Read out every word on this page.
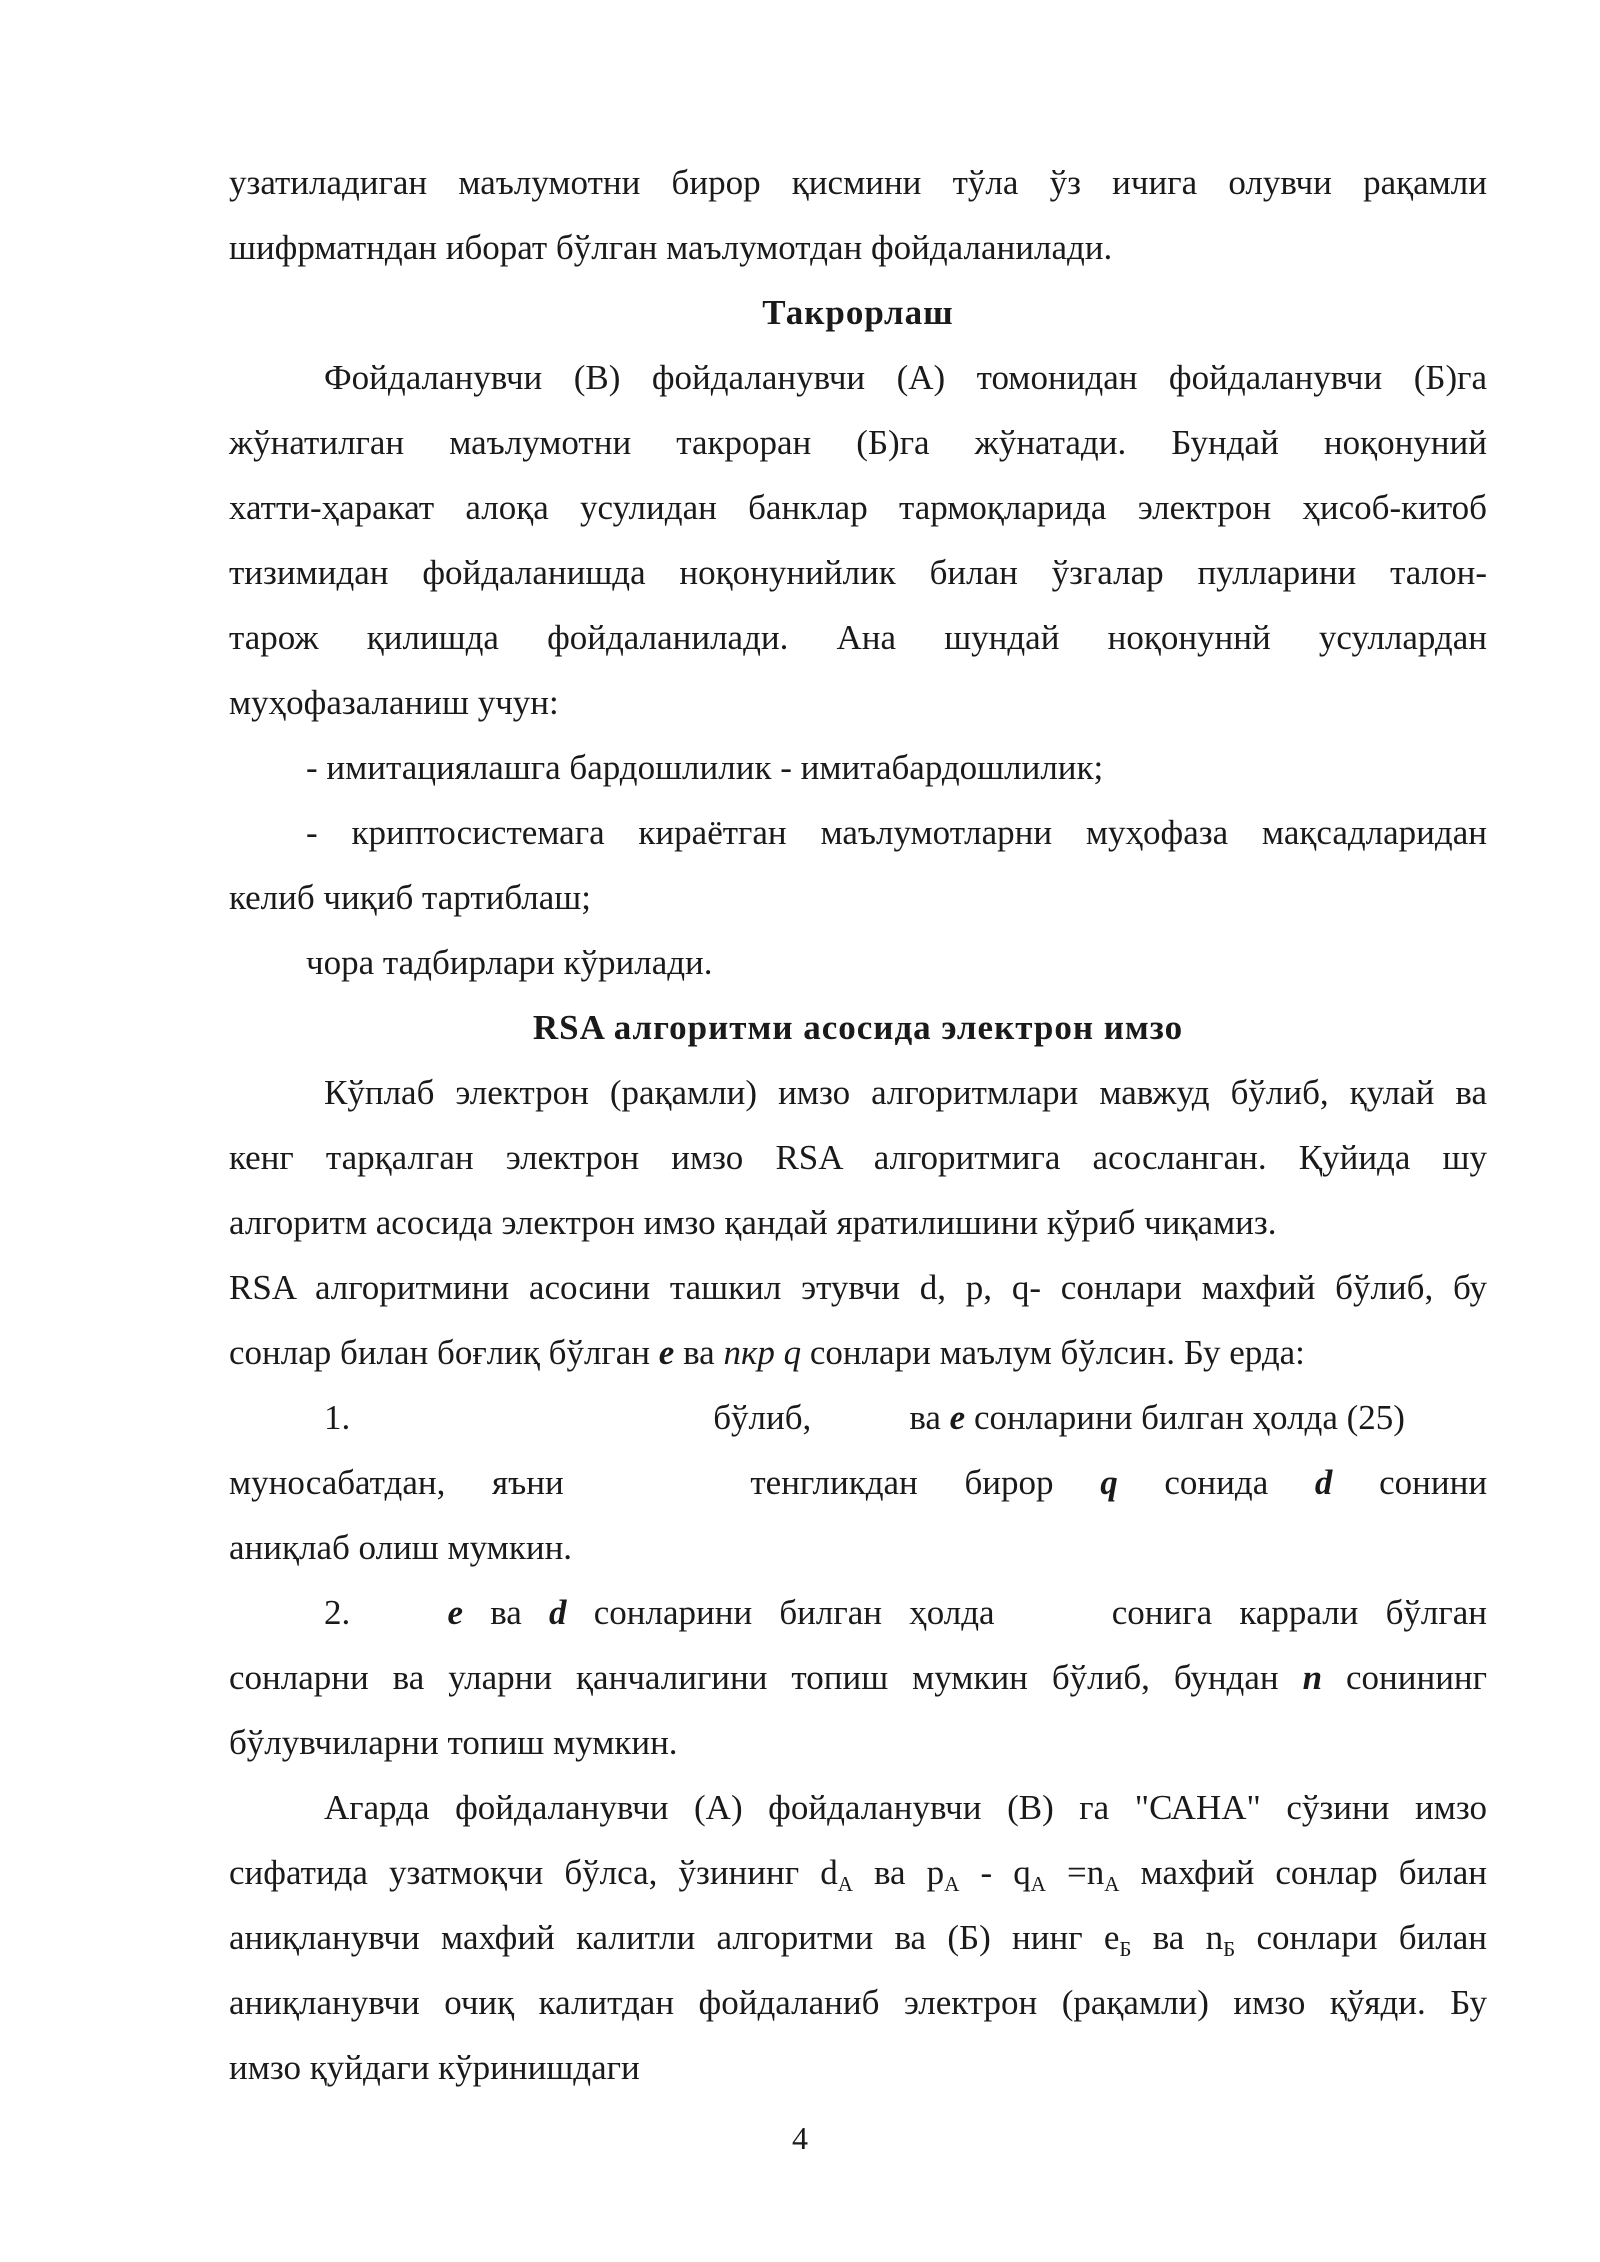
узатиладиган маълумотни бирор қисмини тўла ўз ичига олувчи рақамли
шифрматндан иборат бўлган маълумотдан фойдаланилади.
Такрорлаш
Фойдаланувчи (В) фойдаланувчи (А) томонидан фойдаланувчи (Б)га
жўнатилган маълумотни такроран (Б)га жўнатади. Бундай ноқонуний
хатти-ҳаракат алоқа усулидан банклар тармоқларида электрон ҳисоб-китоб
тизимидан фойдаланишда ноқонунийлик билан ўзгалар пулларини талон-
тарож қилишда фойдаланилади. Ана шундай ноқонуннй усуллардан
муҳофазаланиш учун:
- имитациялашга бардошлилик - имитабардошлилик;
- криптосистемага кираётган маълумотларни муҳофаза мақсадларидан
келиб чиқиб тартиблаш;
чора тадбирлари кўрилади.
RSA алгоритми асосида электрон имзо
Кўплаб электрон (рақамли) имзо алгоритмлари мавжуд бўлиб, қулай ва
кенг тарқалган электрон имзо RSA алгоритмига асосланган. Қуйида шу
алгоритм асосида электрон имзо қандай яратилишини кўриб чиқамиз.
RSA алгоритмини асосини ташкил этувчи d, p, q- сонлари махфий бўлиб, бу
сонлар билан боғлиқ бўлган e ва пкр q сонлари маълум бўлсин. Бу ерда:
1.	бўлиб,	ва e сонларини билган ҳолда (25)
муносабатдан, яъни	тенгликдан бирор q сонида d сонини
аниқлаб олиш мумкин.
2.	e ва d сонларини билган ҳолда	сонига каррали бўлган
сонларни ва уларни қанчалигини топиш мумкин бўлиб, бундан n сонининг
бўлувчиларни топиш мумкин.
Агарда фойдаланувчи (А) фойдаланувчи (В) га "САНА" сўзини имзо
сифатида узатмоқчи бўлса, ўзининг $d_A$ ва $p_A - q_A =n_A$ махфий сонлар билан
аниқланувчи махфий калитли алгоритми ва (Б) нинг $e_Б$ ва $n_Б$ сонлари билан
аниқланувчи очиқ калитдан фойдаланиб электрон (рақамли) имзо қўяди. Бу
имзо қуйдаги кўринишдаги
4
